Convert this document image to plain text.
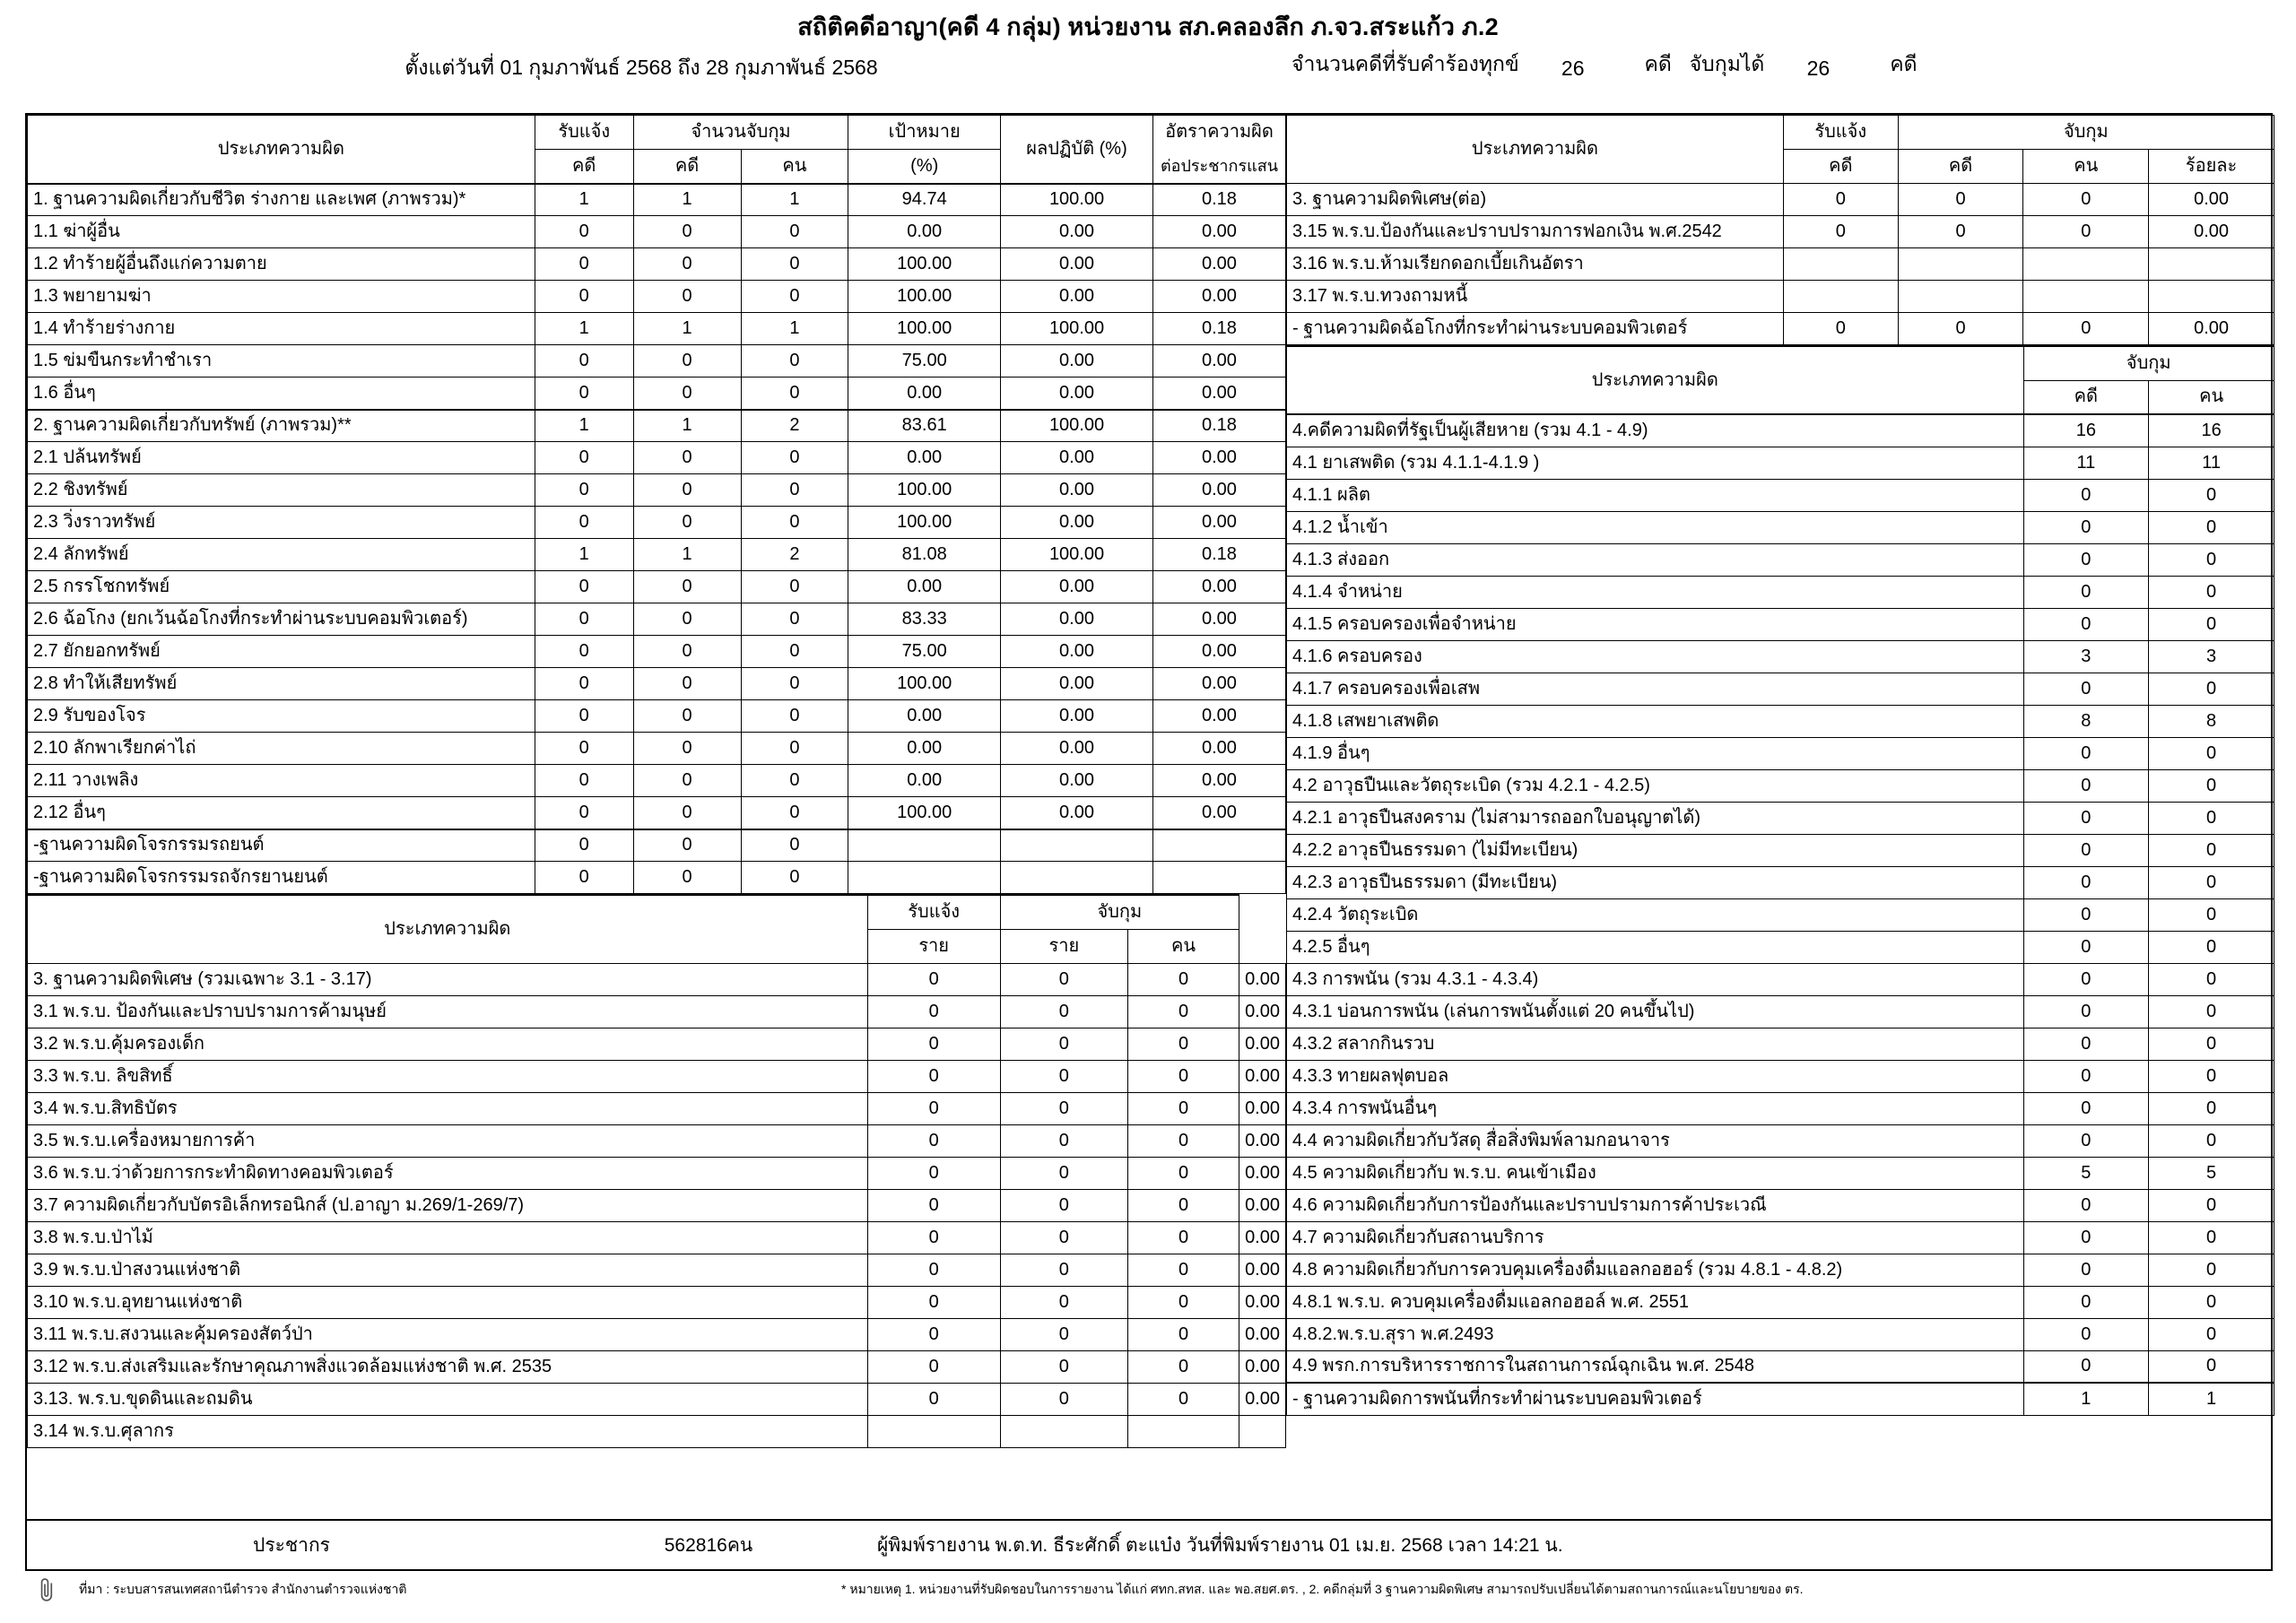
สถิติคดีอาญา(คดี 4 กลุ่ม) หน่วยงาน สภ.คลองลึก ภ.จว.สระแก้ว ภ.2
ตั้งแต่วันที่ 01 กุมภาพันธ์ 2568 ถึง 28 กุมภาพันธ์ 2568	จำนวนคดีที่รับคำร้องทุกข์	26	คดี จับกุมได้	26	คดี
ประเภทความผิด	รับแจ้ง	จำนวนจับกุม		เป้าหมาย	ผลปฏิบัติ (%)	อัตราความผิด
	คดี	คดี	คน	(%)		ต่อประชากรแสน
1. ฐานความผิดเกี่ยวกับชีวิต ร่างกาย และเพศ (ภาพรวม)*	1	1	1	94.74	100.00	0.18
1.1 ฆ่าผู้อื่น	0	0	0	0.00	0.00	0.00
1.2 ทำร้ายผู้อื่นถึงแก่ความตาย	0	0	0	100.00	0.00	0.00
1.3 พยายามฆ่า	0	0	0	100.00	0.00	0.00
1.4 ทำร้ายร่างกาย	1	1	1	100.00	100.00	0.18
1.5 ข่มขืนกระทำชำเรา	0	0	0	75.00	0.00	0.00
1.6 อื่นๆ	0	0	0	0.00	0.00	0.00
2. ฐานความผิดเกี่ยวกับทรัพย์ (ภาพรวม)**	1	1	2	83.61	100.00	0.18
2.1 ปล้นทรัพย์	0	0	0	0.00	0.00	0.00
2.2 ชิงทรัพย์	0	0	0	100.00	0.00	0.00
2.3 วิ่งราวทรัพย์	0	0	0	100.00	0.00	0.00
2.4 ลักทรัพย์	1	1	2	81.08	100.00	0.18
2.5 กรรโชกทรัพย์	0	0	0	0.00	0.00	0.00
2.6 ฉ้อโกง (ยกเว้นฉ้อโกงที่กระทำผ่านระบบคอมพิวเตอร์)	0	0	0	83.33	0.00	0.00
2.7 ยักยอกทรัพย์	0	0	0	75.00	0.00	0.00
2.8 ทำให้เสียทรัพย์	0	0	0	100.00	0.00	0.00
2.9 รับของโจร	0	0	0	0.00	0.00	0.00
2.10 ลักพาเรียกค่าไถ่	0	0	0	0.00	0.00	0.00
2.11 วางเพลิง	0	0	0	0.00	0.00	0.00
2.12 อื่นๆ	0	0	0	100.00	0.00	0.00
-ฐานความผิดโจรกรรมรถยนต์	0	0	0			
-ฐานความผิดโจรกรรมรถจักรยานยนต์	0	0	0			
ประเภทความผิด	รับแจ้ง	จับกุม		
	ราย	ราย	คน	
3. ฐานความผิดพิเศษ (รวมเฉพาะ 3.1 - 3.17)	0	0	0	0.00
3.1 พ.ร.บ. ป้องกันและปราบปรามการค้ามนุษย์	0	0	0	0.00
3.2 พ.ร.บ.คุ้มครองเด็ก	0	0	0	0.00
3.3 พ.ร.บ. ลิขสิทธิ์	0	0	0	0.00
3.4 พ.ร.บ.สิทธิบัตร	0	0	0	0.00
3.5 พ.ร.บ.เครื่องหมายการค้า	0	0	0	0.00
3.6 พ.ร.บ.ว่าด้วยการกระทำผิดทางคอมพิวเตอร์	0	0	0	0.00
3.7 ความผิดเกี่ยวกับบัตรอิเล็กทรอนิกส์ (ป.อาญา ม.269/1-269/7)	0	0	0	0.00
3.8 พ.ร.บ.ป่าไม้	0	0	0	0.00
3.9 พ.ร.บ.ป่าสงวนแห่งชาติ	0	0	0	0.00
3.10 พ.ร.บ.อุทยานแห่งชาติ	0	0	0	0.00
3.11 พ.ร.บ.สงวนและคุ้มครองสัตว์ป่า	0	0	0	0.00
3.12 พ.ร.บ.ส่งเสริมและรักษาคุณภาพสิ่งแวดล้อมแห่งชาติ พ.ศ. 2535	0	0	0	0.00
3.13. พ.ร.บ.ขุดดินและถมดิน	0	0	0	0.00
3.14 พ.ร.บ.ศุลากร				
ประเภทความผิด	รับแจ้ง	จับกุม		
	คดี	คดี	คน	ร้อยละ
3. ฐานความผิดพิเศษ(ต่อ)	0	0	0	0.00
3.15 พ.ร.บ.ป้องกันและปราบปรามการฟอกเงิน พ.ศ.2542	0	0	0	0.00
3.16 พ.ร.บ.ห้ามเรียกดอกเบี้ยเกินอัตรา				
3.17 พ.ร.บ.ทวงถามหนี้				
- ฐานความผิดฉ้อโกงที่กระทำผ่านระบบคอมพิวเตอร์	0	0	0	0.00
ประเภทความผิด	จับกุม	
	คดี	คน
4.คดีความผิดที่รัฐเป็นผู้เสียหาย (รวม 4.1 - 4.9)	16	16
4.1 ยาเสพติด (รวม 4.1.1-4.1.9 )	11	11
4.1.1 ผลิต	0	0
4.1.2 น้ำเข้า	0	0
4.1.3 ส่งออก	0	0
4.1.4 จำหน่าย	0	0
4.1.5 ครอบครองเพื่อจำหน่าย	0	0
4.1.6 ครอบครอง	3	3
4.1.7 ครอบครองเพื่อเสพ	0	0
4.1.8 เสพยาเสพติด	8	8
4.1.9 อื่นๆ	0	0
4.2 อาวุธปืนและวัตถุระเบิด (รวม 4.2.1 - 4.2.5)	0	0
4.2.1 อาวุธปืนสงคราม (ไม่สามารถออกใบอนุญาตได้)	0	0
4.2.2 อาวุธปืนธรรมดา (ไม่มีทะเบียน)	0	0
4.2.3 อาวุธปืนธรรมดา (มีทะเบียน)	0	0
4.2.4 วัตถุระเบิด	0	0
4.2.5 อื่นๆ	0	0
4.3 การพนัน (รวม 4.3.1 - 4.3.4)	0	0
4.3.1 บ่อนการพนัน (เล่นการพนันตั้งแต่ 20 คนขึ้นไป)	0	0
4.3.2 สลากกินรวบ	0	0
4.3.3 ทายผลฟุตบอล	0	0
4.3.4 การพนันอื่นๆ	0	0
4.4 ความผิดเกี่ยวกับวัสดุ สื่อสิ่งพิมพ์ลามกอนาจาร	0	0
4.5 ความผิดเกี่ยวกับ พ.ร.บ. คนเข้าเมือง	5	5
4.6 ความผิดเกี่ยวกับการป้องกันและปราบปรามการค้าประเวณี	0	0
4.7 ความผิดเกี่ยวกับสถานบริการ	0	0
4.8 ความผิดเกี่ยวกับการควบคุมเครื่องดื่มแอลกอฮอร์ (รวม 4.8.1 - 4.8.2)	0	0
4.8.1 พ.ร.บ. ควบคุมเครื่องดื่มแอลกอฮอล์ พ.ศ. 2551	0	0
4.8.2.พ.ร.บ.สุรา พ.ศ.2493	0	0
4.9 พรก.การบริหารราชการในสถานการณ์ฉุกเฉิน พ.ศ. 2548	0	0
- ฐานความผิดการพนันที่กระทำผ่านระบบคอมพิวเตอร์	1	1
ประชากร	562816คน	ผู้พิมพ์รายงาน พ.ต.ท. ธีระศักดิ์ ตะแบ๋ง วันที่พิมพ์รายงาน 01 เม.ย. 2568 เวลา 14:21 น.
ที่มา : ระบบสารสนเทศสถานีตำรวจ สำนักงานตำรวจแห่งชาติ	* หมายเหตุ 1. หน่วยงานที่รับผิดชอบในการรายงาน ได้แก่ ศทก.สทส. และ พอ.สยศ.ตร. , 2. คดีกลุ่มที่ 3 ฐานความผิดพิเศษ สามารถปรับเปลี่ยนได้ตามสถานการณ์และนโยบายของ ตร.
